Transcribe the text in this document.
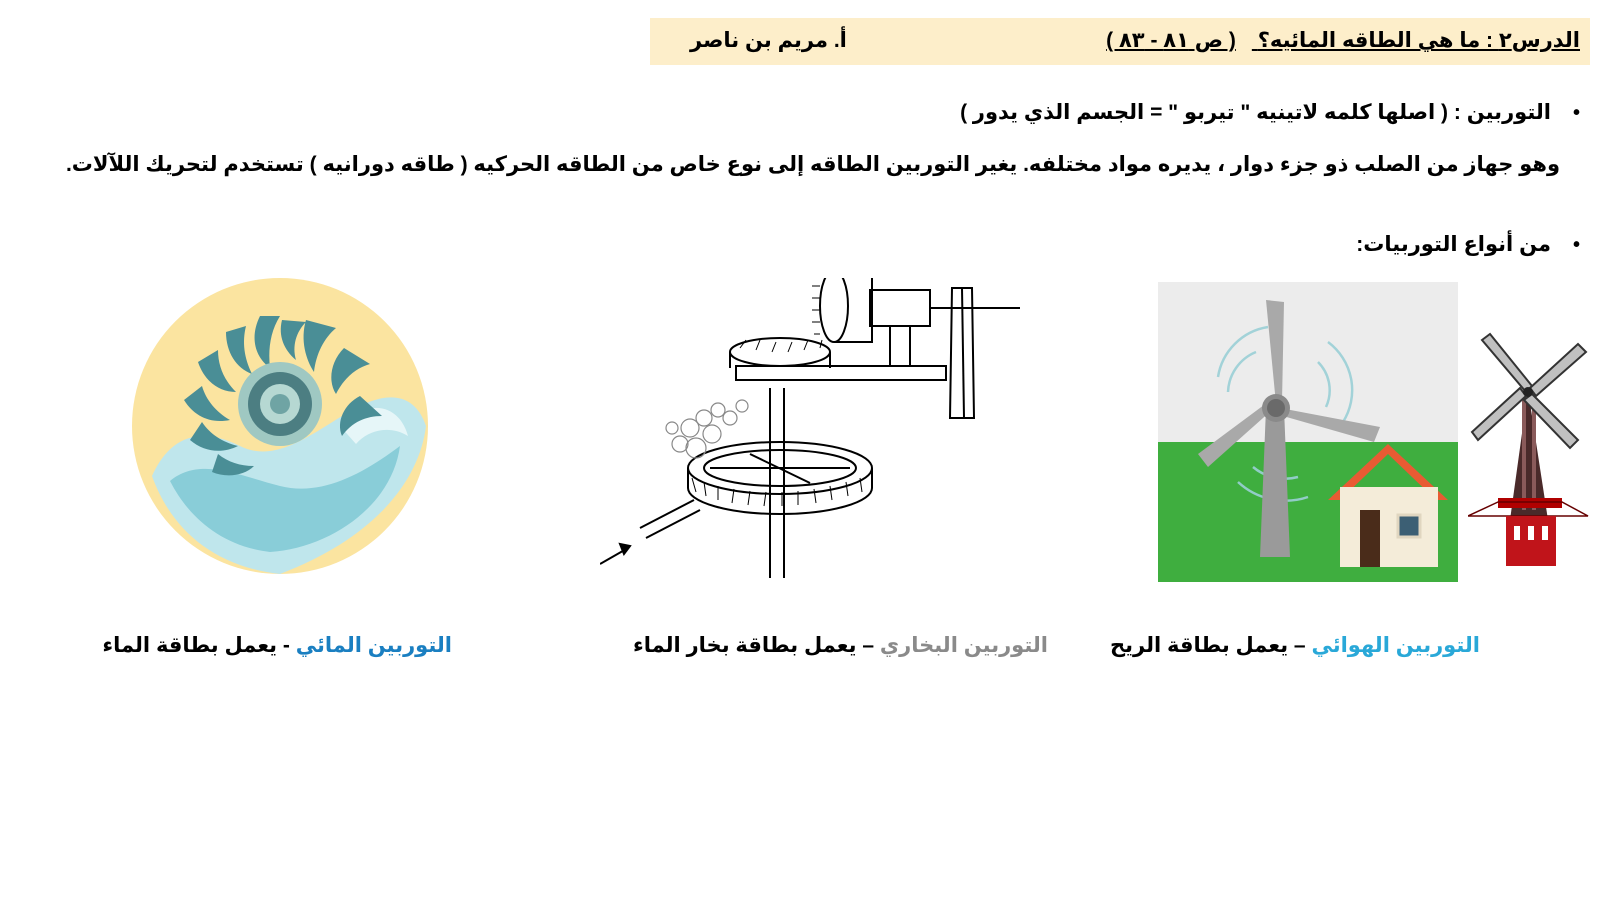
الدرس٢ : ما هي الطاقه المائيه؟ ( ص ٨١ - ٨٣ )
أ. مريم بن ناصر
•التوربين : ( اصلها كلمه لاتينيه " تيربو " = الجسم الذي يدور )
وهو جهاز من الصلب ذو جزء دوار ، يديره مواد مختلفه. يغير التوربين الطاقه إلى نوع خاص من الطاقه الحركيه ( طاقه دورانيه ) تستخدم لتحريك اللآلات.
•من أنواع التوربيات:
التوربين الهوائي – يعمل بطاقة الريح
التوربين البخاري – يعمل بطاقة بخار الماء
التوربين المائي - يعمل بطاقة الماء
